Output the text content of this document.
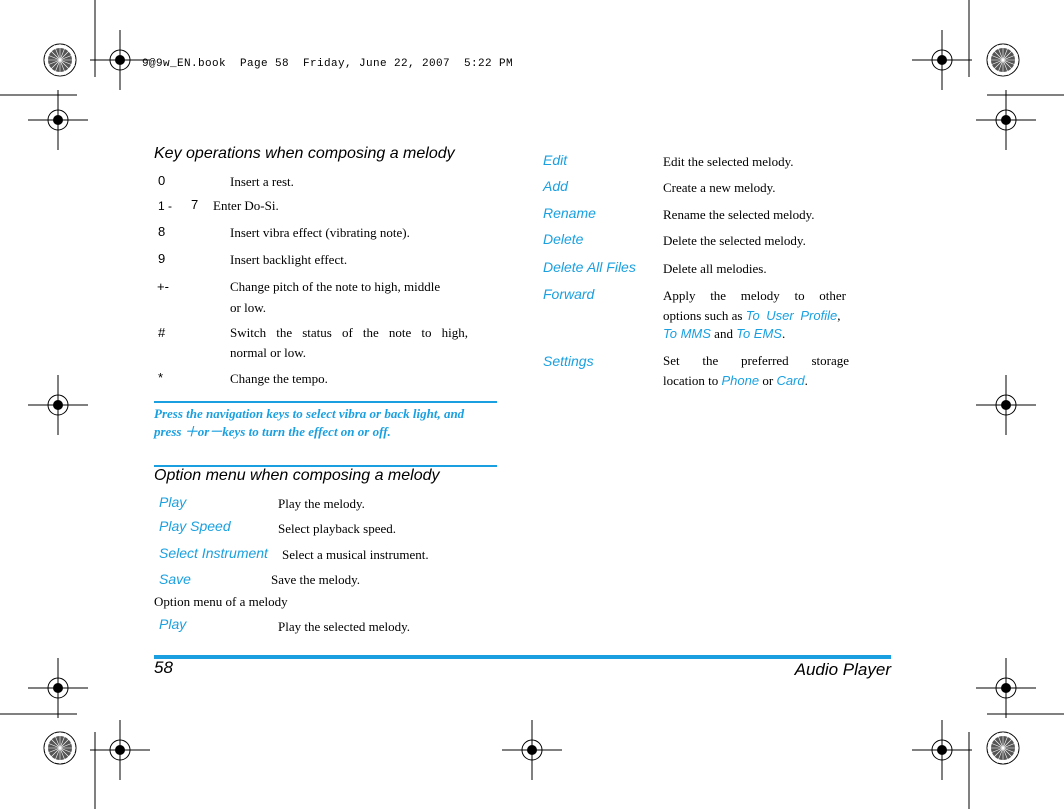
9@9w_EN.book  Page 58  Friday, June 22, 2007  5:22 PM
Key operations when composing a melody
0	Insert a rest.
1 - 7 Enter Do-Si.
8	Insert vibra effect (vibrating note).
9	Insert backlight effect.
+-	Change pitch of the note to high, middle
or low.
#	Switch the status of the note to high,
normal or low.
*	Change the tempo.
Press the navigation keys to select vibra or back light, and press ＋or－keys to turn the effect on or off.
Option menu when composing a melody
Play	Play the melody.
Play Speed	Select playback speed.
Select Instrument Select a musical instrument.
Save	Save the melody.
Option menu of a melody
Play	Play the selected melody.
Edit	Edit the selected melody.
Add	Create a new melody.
Rename	Rename the selected melody.
Delete	Delete the selected melody.
Delete All Files Delete all melodies.
Forward	Apply the melody to other
options such as To User Profile,
To MMS and To EMS.
Settings	Set the preferred storage
location to Phone or Card.
58	Audio Player
